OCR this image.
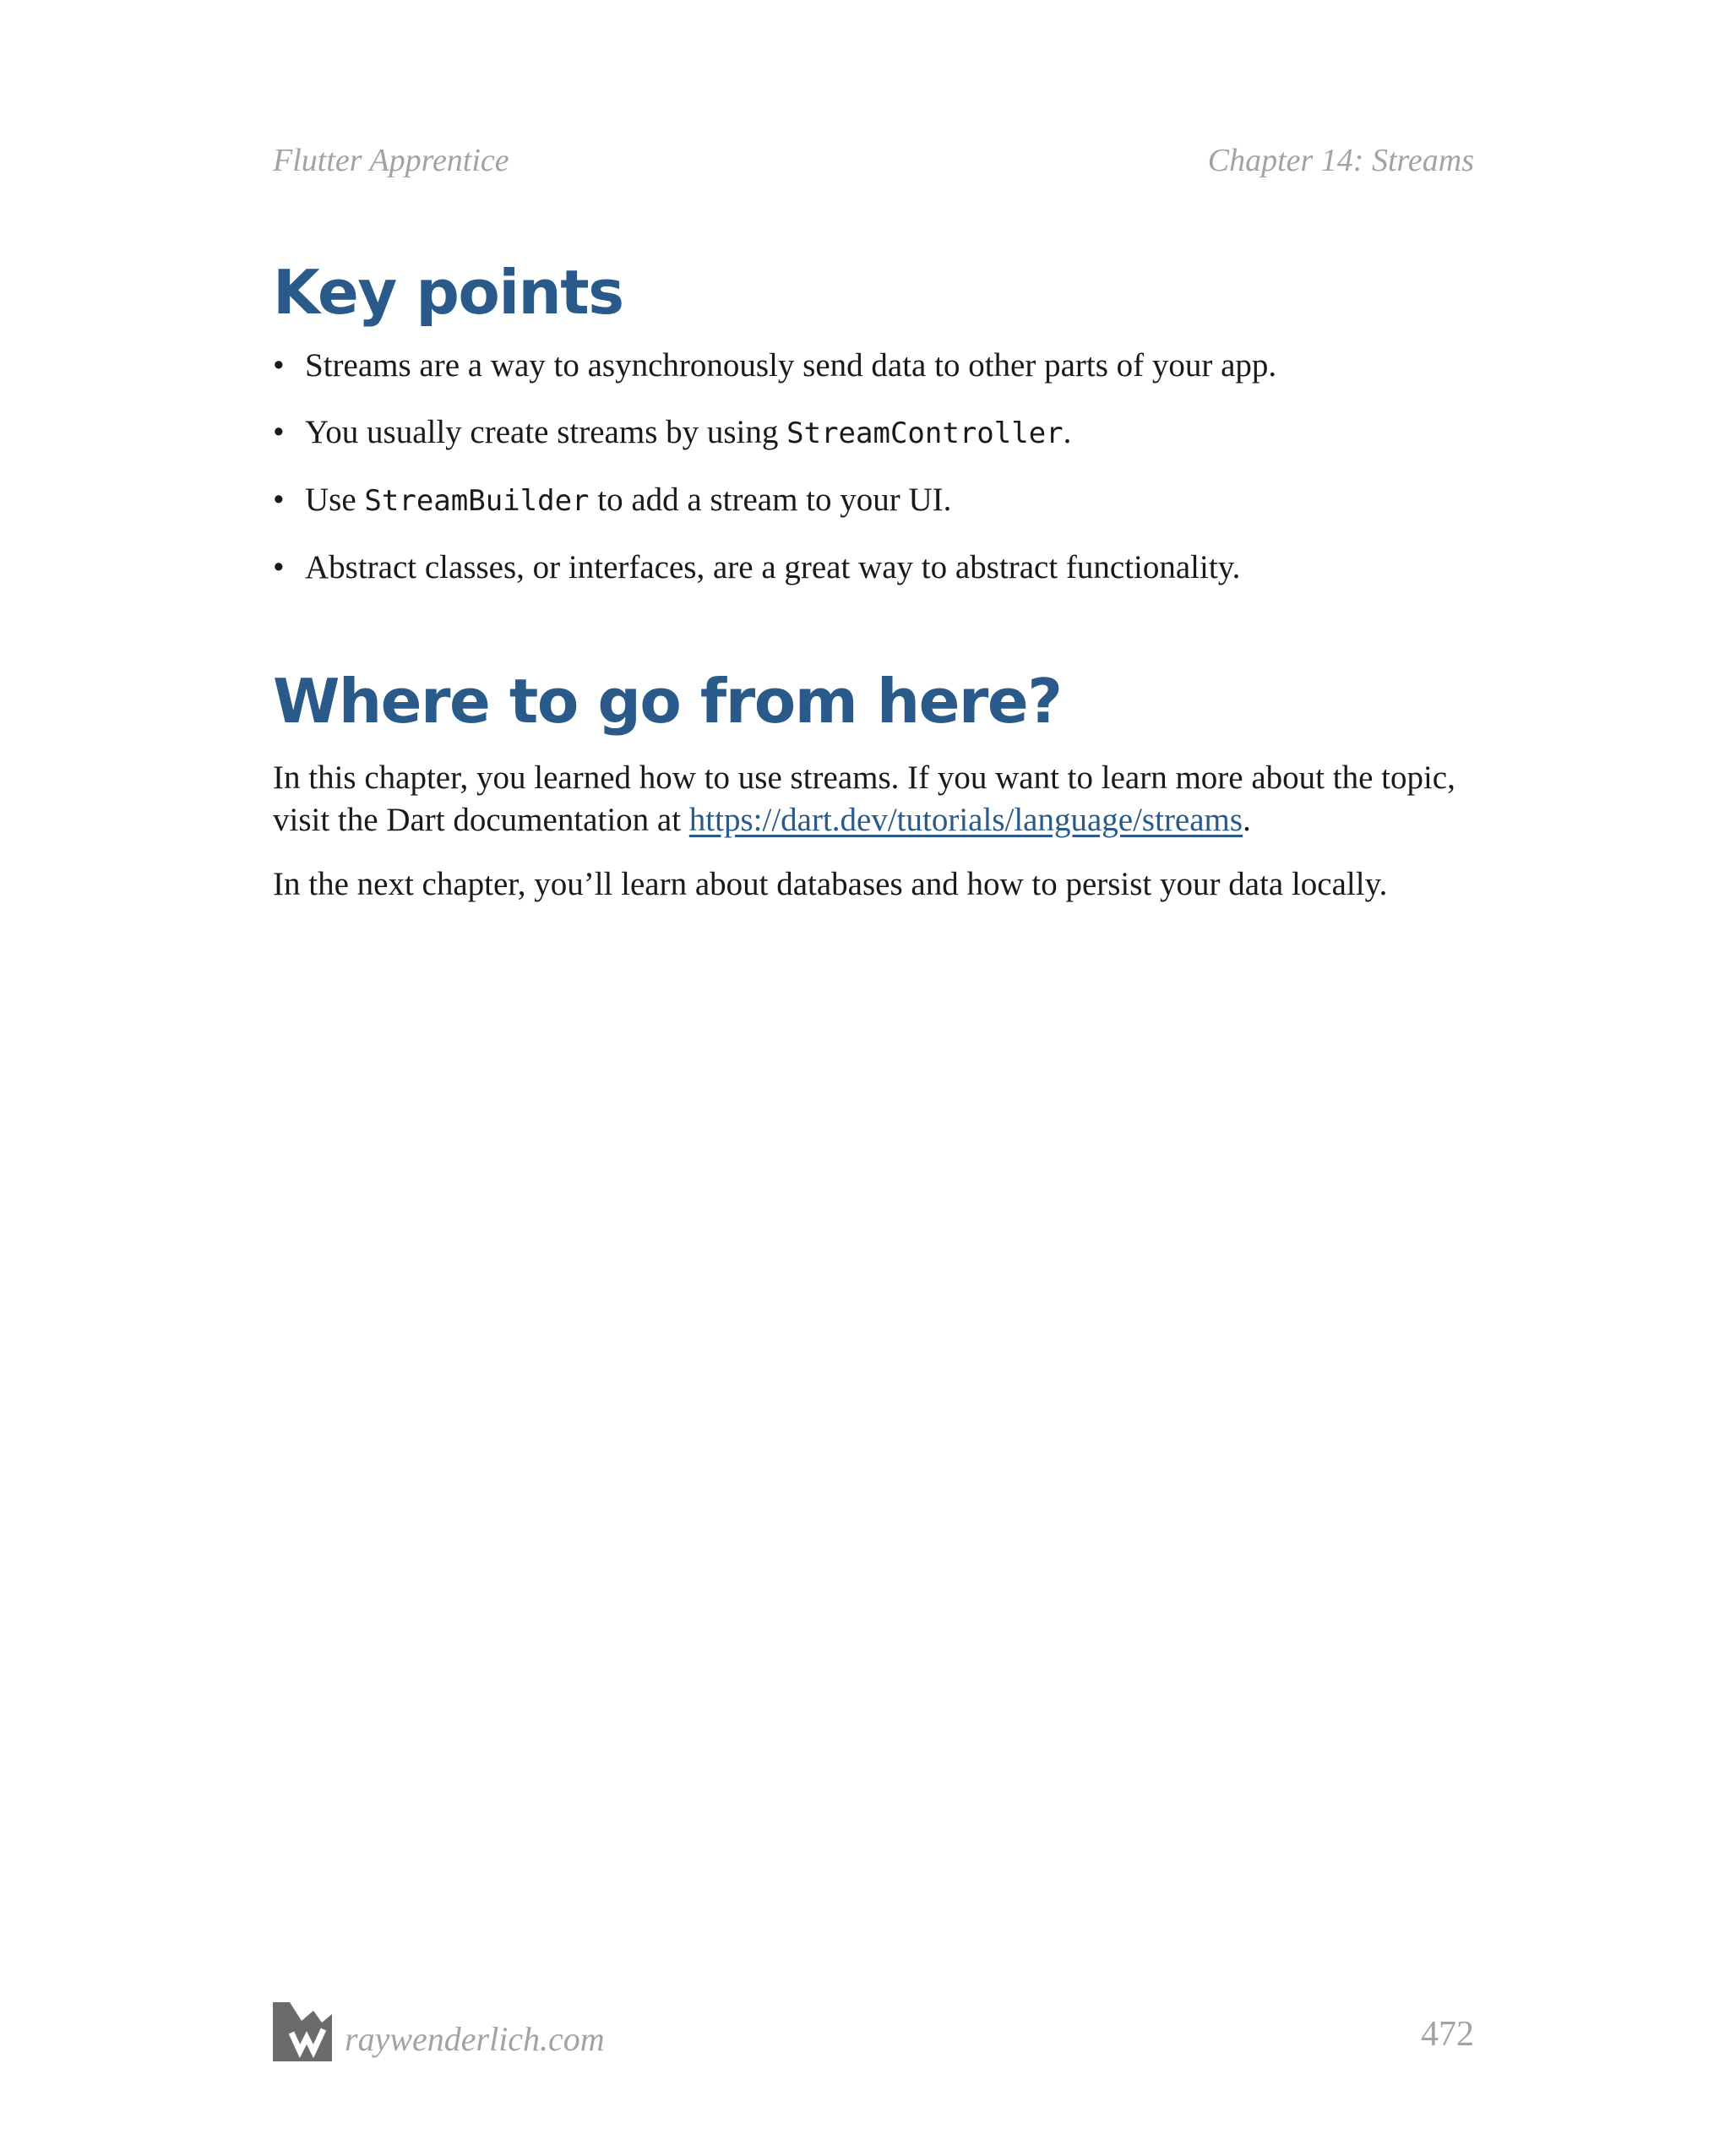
Flutter Apprentice	Chapter 14: Streams
Key points
• Streams are a way to asynchronously send data to other parts of your app.
• You usually create streams by using StreamController.
• Use StreamBuilder to add a stream to your UI.
• Abstract classes, or interfaces, are a great way to abstract functionality.
Where to go from here?

In this chapter, you learned how to use streams. If you want to learn more about the topic, visit the Dart documentation at https://dart.dev/tutorials/language/streams.

In the next chapter, you’ll learn about databases and how to persist your data locally.

raywenderlich.com	472
